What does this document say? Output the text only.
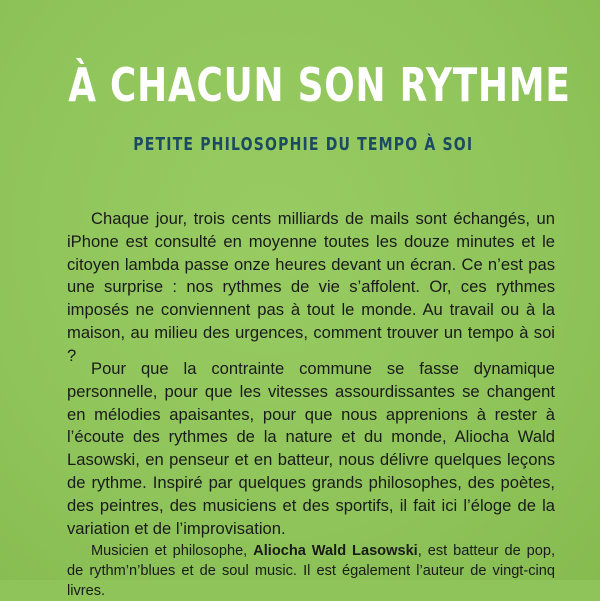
À CHACUN SON RYTHME
PETITE PHILOSOPHIE DU TEMPO À SOI

Chaque jour, trois cents milliards de mails sont échangés, un iPhone est consulté en moyenne toutes les douze minutes et le citoyen lambda passe onze heures devant un écran. Ce n’est pas une surprise : nos rythmes de vie s’affolent. Or, ces rythmes imposés ne conviennent pas à tout le monde. Au travail ou à la maison, au milieu des urgences, comment trouver un tempo à soi ?

Pour que la contrainte commune se fasse dynamique personnelle, pour que les vitesses assourdissantes se changent en mélodies apaisantes, pour que nous apprenions à rester à l’écoute des rythmes de la nature et du monde, Aliocha Wald Lasowski, en penseur et en batteur, nous délivre quelques leçons de rythme. Inspiré par quelques grands philosophes, des poètes, des peintres, des musiciens et des sportifs, il fait ici l’éloge de la variation et de l’improvisation.

Musicien et philosophe, Aliocha Wald Lasowski, est batteur de pop, de rythm’n’blues et de soul music. Il est également l’auteur de vingt-cinq livres.
